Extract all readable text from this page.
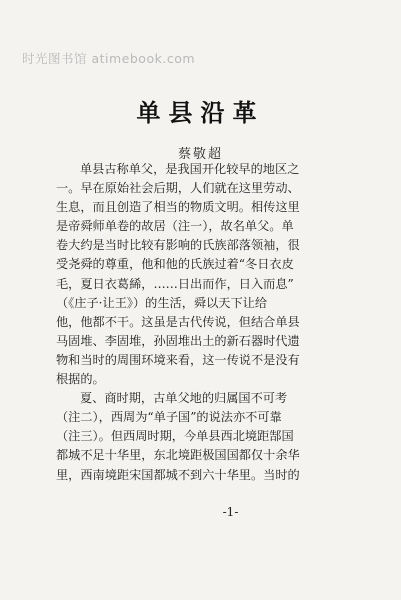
时光图书馆 atimebook.com
单县沿革
蔡敬超
单县古称单父，是我国开化较早的地区之
一。早在原始社会后期，人们就在这里劳动、
生息，而且创造了相当的物质文明。相传这里
是帝舜师单卷的故居（注一），故名单父。单
卷大约是当时比较有影响的氏族部落领袖，很
受尧舜的尊重，他和他的氏族过着“冬日衣皮
毛，夏日衣葛絺，……日出而作，日入而息”
（《庄子·让王》）的生活，舜以天下让给
他，他都不干。这虽是古代传说，但结合单县
马固堆、李固堆，孙固堆出土的新石器时代遗
物和当时的周围环境来看，这一传说不是没有
根据的。
夏、商时期，古单父地的归属国不可考
（注二），西周为“单子国”的说法亦不可靠
（注三）。但西周时期，今单县西北境距郜国
都城不足十华里，东北境距极国国都仅十余华
里，西南境距宋国都城不到六十华里。当时的
-1-
